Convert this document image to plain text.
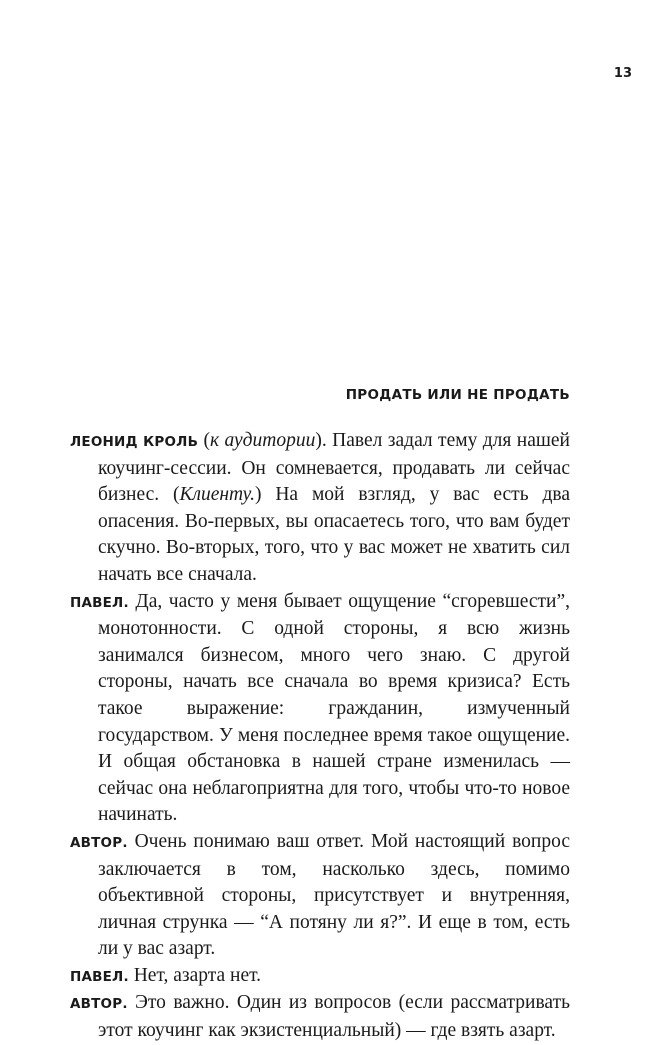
13
ПРОДАТЬ ИЛИ НЕ ПРОДАТЬ

ЛЕОНИД КРОЛЬ (к аудитории). Павел задал тему для нашей коучинг-сессии. Он сомневается, продавать ли сейчас бизнес. (Клиенту.) На мой взгляд, у вас есть два опасения. Во-первых, вы опасаетесь того, что вам будет скучно. Во-вторых, того, что у вас может не хватить сил начать все сначала.

ПАВЕЛ. Да, часто у меня бывает ощущение “сгоревшести”, монотонности. С одной стороны, я всю жизнь занимался бизнесом, много чего знаю. С другой стороны, начать все сначала во время кризиса? Есть такое выражение: гражданин, измученный государством. У меня последнее время такое ощущение. И общая обстановка в нашей стране изменилась — сейчас она неблагоприятна для того, чтобы что-то новое начинать.

АВТОР. Очень понимаю ваш ответ. Мой настоящий вопрос заключается в том, насколько здесь, помимо объективной стороны, присутствует и внутренняя, личная струнка — “А потяну ли я?”. И еще в том, есть ли у вас азарт.

ПАВЕЛ. Нет, азарта нет.

АВТОР. Это важно. Один из вопросов (если рассматривать этот коучинг как экзистенциальный) — где взять азарт.
